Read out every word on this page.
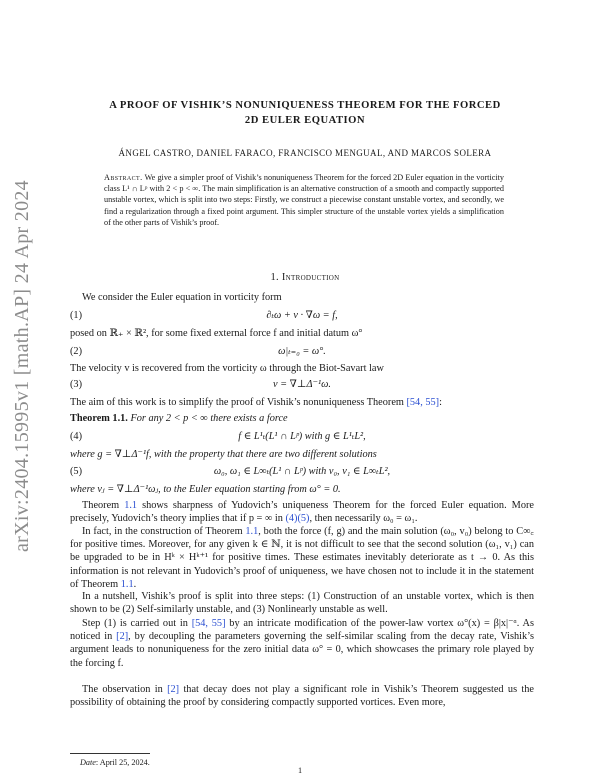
arXiv:2404.15995v1 [math.AP] 24 Apr 2024
A PROOF OF VISHIK’S NONUNIQUENESS THEOREM FOR THE FORCED
2D EULER EQUATION
ÁNGEL CASTRO, DANIEL FARACO, FRANCISCO MENGUAL, AND MARCOS SOLERA
Abstract. We give a simpler proof of Vishik’s nonuniqueness Theorem for the forced 2D Euler equation in the vorticity class L¹ ∩ Lᵖ with 2 < p < ∞. The main simplification is an alternative construction of a smooth and compactly supported unstable vortex, which is split into two steps: Firstly, we construct a piecewise constant unstable vortex, and secondly, we find a regularization through a fixed point argument. This simpler structure of the unstable vortex yields a simplification of the other parts of Vishik’s proof.
1. Introduction
We consider the Euler equation in vorticity form
(1)	∂ₜω + v · ∇ω = f,
posed on ℝ₊ × ℝ², for some fixed external force f and initial datum ω°
(2)	ω|ₜ₌₀ = ω°.
The velocity v is recovered from the vorticity ω through the Biot-Savart law
(3)	v = ∇⊥Δ⁻¹ω.
The aim of this work is to simplify the proof of Vishik’s nonuniqueness Theorem [54, 55]:
Theorem 1.1. For any 2 < p < ∞ there exists a force
(4)	f ∈ L¹ₜ(L¹ ∩ Lᵖ) with g ∈ L¹ₜL²,
where g = ∇⊥Δ⁻¹f, with the property that there are two different solutions
(5)	ω₀, ω₁ ∈ L∞ₜ(L¹ ∩ Lᵖ) with v₀, v₁ ∈ L∞ₜL²,
where vⱼ = ∇⊥Δ⁻¹ωⱼ, to the Euler equation starting from ω° = 0.
Theorem 1.1 shows sharpness of Yudovich’s uniqueness Theorem for the forced Euler equation. More precisely, Yudovich’s theory implies that if p = ∞ in (4)(5), then necessarily ω₀ = ω₁.
In fact, in the construction of Theorem 1.1, both the force (f, g) and the main solution (ω₀, v₀) belong to C∞꜀ for positive times. Moreover, for any given k ∈ ℕ, it is not difficult to see that the second solution (ω₁, v₁) can be upgraded to be in Hᵏ × Hᵏ⁺¹ for positive times. These estimates inevitably deteriorate as t → 0. As this information is not relevant in Yudovich’s proof of uniqueness, we have chosen not to include it in the statement of Theorem 1.1.
In a nutshell, Vishik’s proof is split into three steps: (1) Construction of an unstable vortex, which is then shown to be (2) Self-similarly unstable, and (3) Nonlinearly unstable as well.
Step (1) is carried out in [54, 55] by an intricate modification of the power-law vortex ω°(x) = β|x|⁻ᵅ. As noticed in [2], by decoupling the parameters governing the self-similar scaling from the decay rate, Vishik’s argument leads to nonuniqueness for the zero initial data ω° = 0, which showcases the primary role played by the forcing f.
The observation in [2] that decay does not play a significant role in Vishik’s Theorem suggested us the possibility of obtaining the proof by considering compactly supported vortices. Even more,
Date: April 25, 2024.
1
